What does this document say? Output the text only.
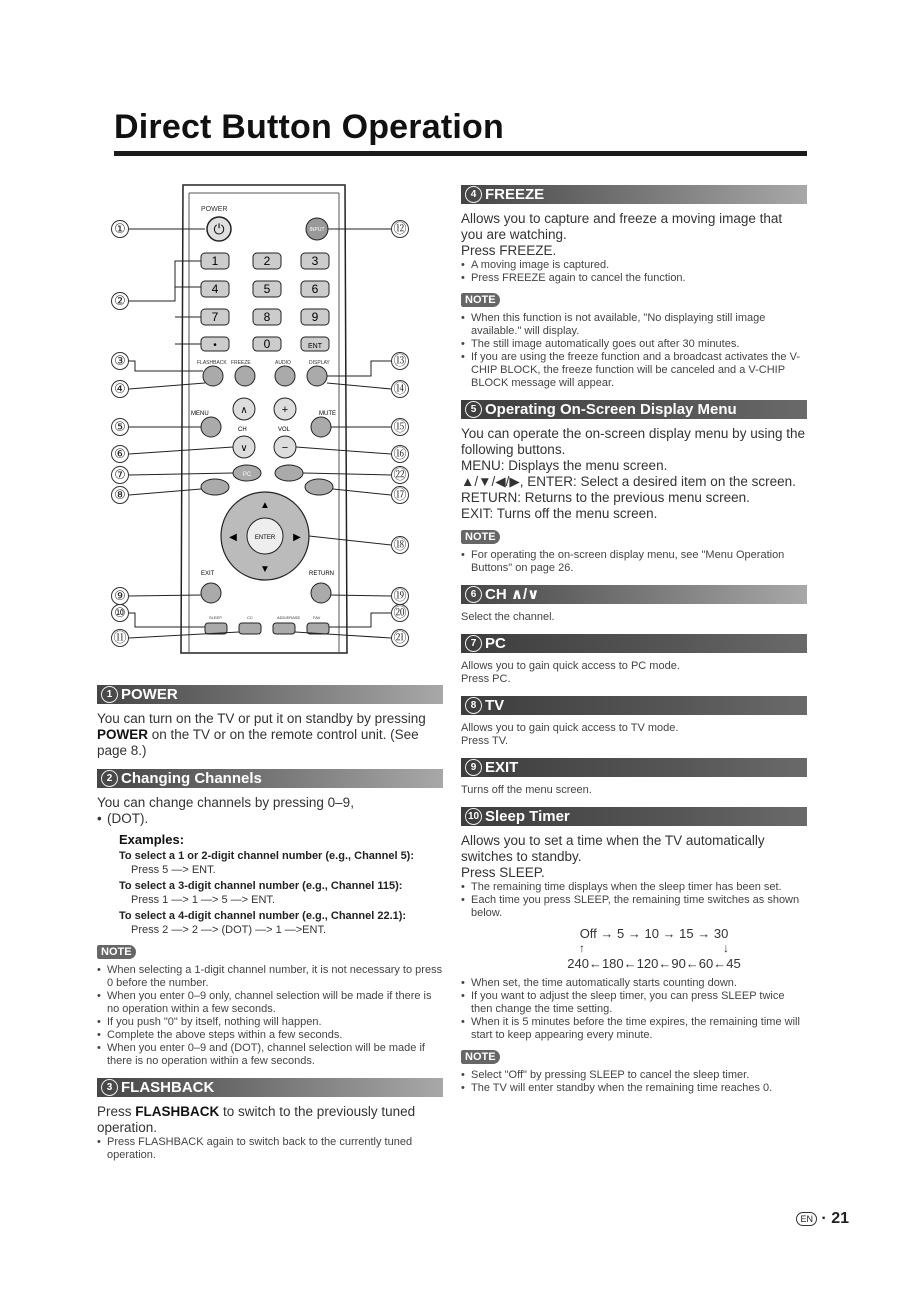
Direct Button Operation
POWER
⏻	INPUT
1	2	3
4	5	6
7	8	9
•	0	ENT
FLASHBACK FREEZE	AUDIO	DISPLAY
MENU	MUTE
∧
CH
∨
+
VOL
−
PC
ENTER
▲
▼
◀	▶
EXIT	RETURN
SLEEP	CC	ADD/ERASE	FAV
①
②
③
④
⑤
⑥
⑦
⑧
⑨
⑩
⑪
⑫
⑬
⑭
⑮
⑯
㉒
⑰
⑱
⑲
⑳
㉑
1 POWER
You can turn on the TV or put it on standby by pressing POWER on the TV or on the remote control unit. (See page 8.)
2 Changing Channels
You can change channels by pressing 0–9,
• (DOT).
Examples:
To select a 1 or 2-digit channel number (e.g., Channel 5):
Press 5 —> ENT.
To select a 3-digit channel number (e.g., Channel 115):
Press 1 —> 1 —> 5 —> ENT.
To select a 4-digit channel number (e.g., Channel 22.1):
Press 2 —> 2 —> (DOT) —> 1 —>ENT.
NOTE
• When selecting a 1-digit channel number, it is not necessary to press 0 before the number.
• When you enter 0–9 only, channel selection will be made if there is no operation within a few seconds.
• If you push "0" by itself, nothing will happen.
• Complete the above steps within a few seconds.
• When you enter 0–9 and (DOT), channel selection will be made if there is no operation within a few seconds.
3 FLASHBACK
Press FLASHBACK to switch to the previously tuned operation.
• Press FLASHBACK again to switch back to the currently tuned operation.
4 FREEZE
Allows you to capture and freeze a moving image that you are watching.
Press FREEZE.
• A moving image is captured.
• Press FREEZE again to cancel the function.
NOTE
• When this function is not available, "No displaying still image available." will display.
• The still image automatically goes out after 30 minutes.
• If you are using the freeze function and a broadcast activates the V-CHIP BLOCK, the freeze function will be canceled and a V-CHIP BLOCK message will appear.
5 Operating On-Screen Display Menu
You can operate the on-screen display menu by using the following buttons.
MENU: Displays the menu screen.
▲/▼/◀/▶, ENTER: Select a desired item on the screen.
RETURN: Returns to the previous menu screen.
EXIT: Turns off the menu screen.
NOTE
• For operating the on-screen display menu, see "Menu Operation Buttons" on page 26.
6 CH ∧/∨
Select the channel.
7 PC
Allows you to gain quick access to PC mode.
Press PC.
8 TV
Allows you to gain quick access to TV mode.
Press TV.
9 EXIT
Turns off the menu screen.
10 Sleep Timer
Allows you to set a time when the TV automatically switches to standby.
Press SLEEP.
• The remaining time displays when the sleep timer has been set.
• Each time you press SLEEP, the remaining time switches as shown below.
Off → 5 → 10 → 15 → 30
↑	↓
240←180←120←90←60←45
• When set, the time automatically starts counting down.
• If you want to adjust the sleep timer, you can press SLEEP twice then change the time setting.
• When it is 5 minutes before the time expires, the remaining time will start to keep appearing every minute.
NOTE
• Select "Off" by pressing SLEEP to cancel the sleep timer.
• The TV will enter standby when the remaining time reaches 0.
EN · 21
